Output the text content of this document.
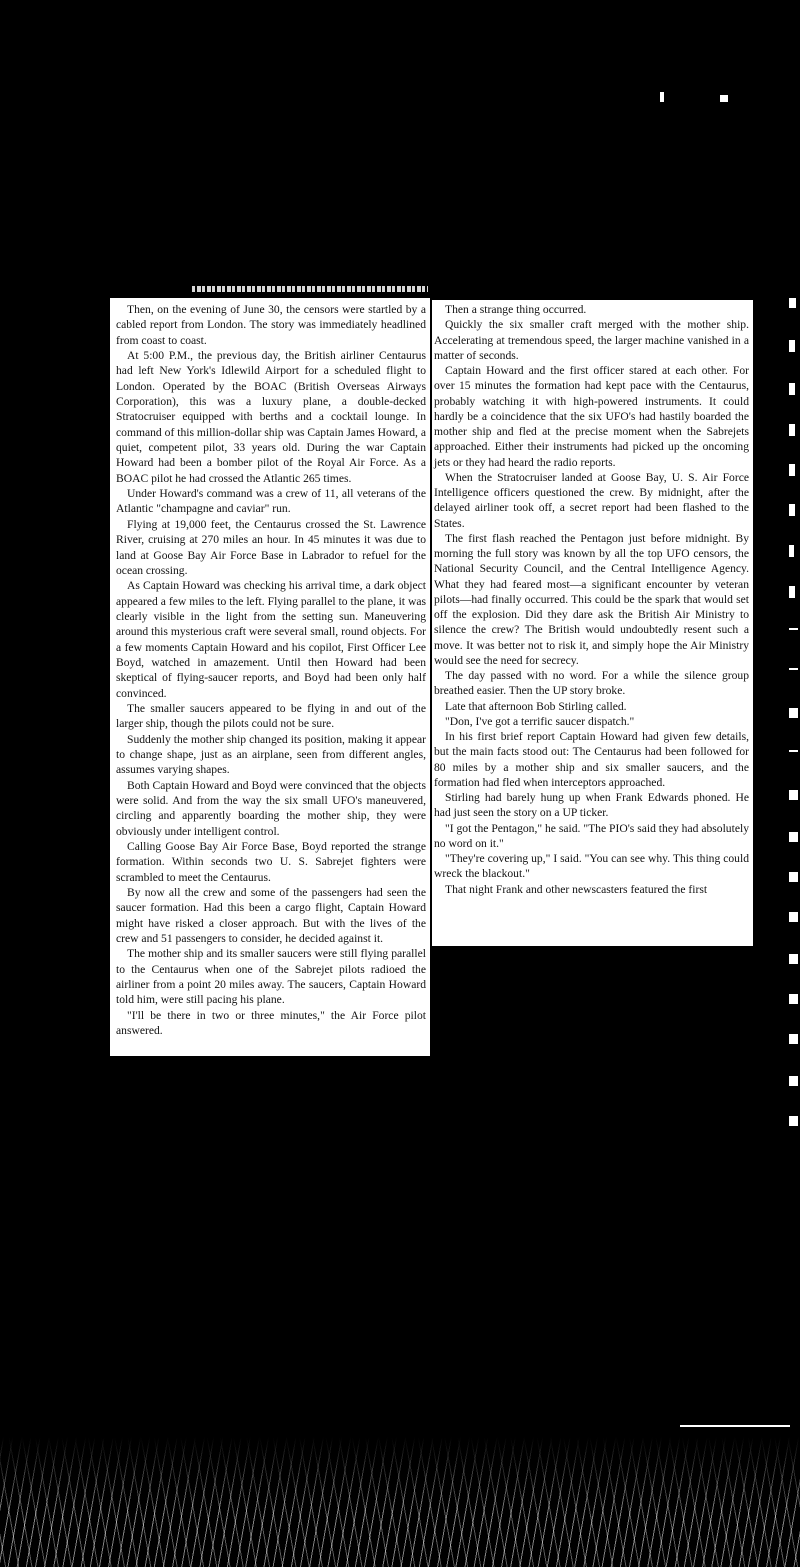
Then, on the evening of June 30, the censors were startled by a cabled report from London. The story was immediately headlined from coast to coast.

At 5:00 P.M., the previous day, the British airliner Centaurus had left New York's Idlewild Airport for a scheduled flight to London. Operated by the BOAC (British Overseas Airways Corporation), this was a luxury plane, a double-decked Stratocruiser equipped with berths and a cocktail lounge. In command of this million-dollar ship was Captain James Howard, a quiet, competent pilot, 33 years old. During the war Captain Howard had been a bomber pilot of the Royal Air Force. As a BOAC pilot he had crossed the Atlantic 265 times.

Under Howard's command was a crew of 11, all veterans of the Atlantic "champagne and caviar" run.

Flying at 19,000 feet, the Centaurus crossed the St. Lawrence River, cruising at 270 miles an hour. In 45 minutes it was due to land at Goose Bay Air Force Base in Labrador to refuel for the ocean crossing.

As Captain Howard was checking his arrival time, a dark object appeared a few miles to the left. Flying parallel to the plane, it was clearly visible in the light from the setting sun. Maneuvering around this mysterious craft were several small, round objects. For a few moments Captain Howard and his copilot, First Officer Lee Boyd, watched in amazement. Until then Howard had been skeptical of flying-saucer reports, and Boyd had been only half convinced.

The smaller saucers appeared to be flying in and out of the larger ship, though the pilots could not be sure.

Suddenly the mother ship changed its position, making it appear to change shape, just as an airplane, seen from different angles, assumes varying shapes.

Both Captain Howard and Boyd were convinced that the objects were solid. And from the way the six small UFO's maneuvered, circling and apparently boarding the mother ship, they were obviously under intelligent control.

Calling Goose Bay Air Force Base, Boyd reported the strange formation. Within seconds two U. S. Sabrejet fighters were scrambled to meet the Centaurus.

By now all the crew and some of the passengers had seen the saucer formation. Had this been a cargo flight, Captain Howard might have risked a closer approach. But with the lives of the crew and 51 passengers to consider, he decided against it.

The mother ship and its smaller saucers were still flying parallel to the Centaurus when one of the Sabrejet pilots radioed the airliner from a point 20 miles away. The saucers, Captain Howard told him, were still pacing his plane.

"I'll be there in two or three minutes," the Air Force pilot answered.

Then a strange thing occurred.

Quickly the six smaller craft merged with the mother ship. Accelerating at tremendous speed, the larger machine vanished in a matter of seconds.

Captain Howard and the first officer stared at each other. For over 15 minutes the formation had kept pace with the Centaurus, probably watching it with high-powered instruments. It could hardly be a coincidence that the six UFO's had hastily boarded the mother ship and fled at the precise moment when the Sabrejets approached. Either their instruments had picked up the oncoming jets or they had heard the radio reports.

When the Stratocruiser landed at Goose Bay, U. S. Air Force Intelligence officers questioned the crew. By midnight, after the delayed airliner took off, a secret report had been flashed to the States.

The first flash reached the Pentagon just before midnight. By morning the full story was known by all the top UFO censors, the National Security Council, and the Central Intelligence Agency. What they had feared most—a significant encounter by veteran pilots—had finally occurred. This could be the spark that would set off the explosion. Did they dare ask the British Air Ministry to silence the crew? The British would undoubtedly resent such a move. It was better not to risk it, and simply hope the Air Ministry would see the need for secrecy.

The day passed with no word. For a while the silence group breathed easier. Then the UP story broke.

Late that afternoon Bob Stirling called.

"Don, I've got a terrific saucer dispatch."

In his first brief report Captain Howard had given few details, but the main facts stood out: The Centaurus had been followed for 80 miles by a mother ship and six smaller saucers, and the formation had fled when interceptors approached.

Stirling had barely hung up when Frank Edwards phoned. He had just seen the story on a UP ticker.

"I got the Pentagon," he said. "The PIO's said they had absolutely no word on it."

"They're covering up," I said. "You can see why. This thing could wreck the blackout."

That night Frank and other newscasters featured the first
